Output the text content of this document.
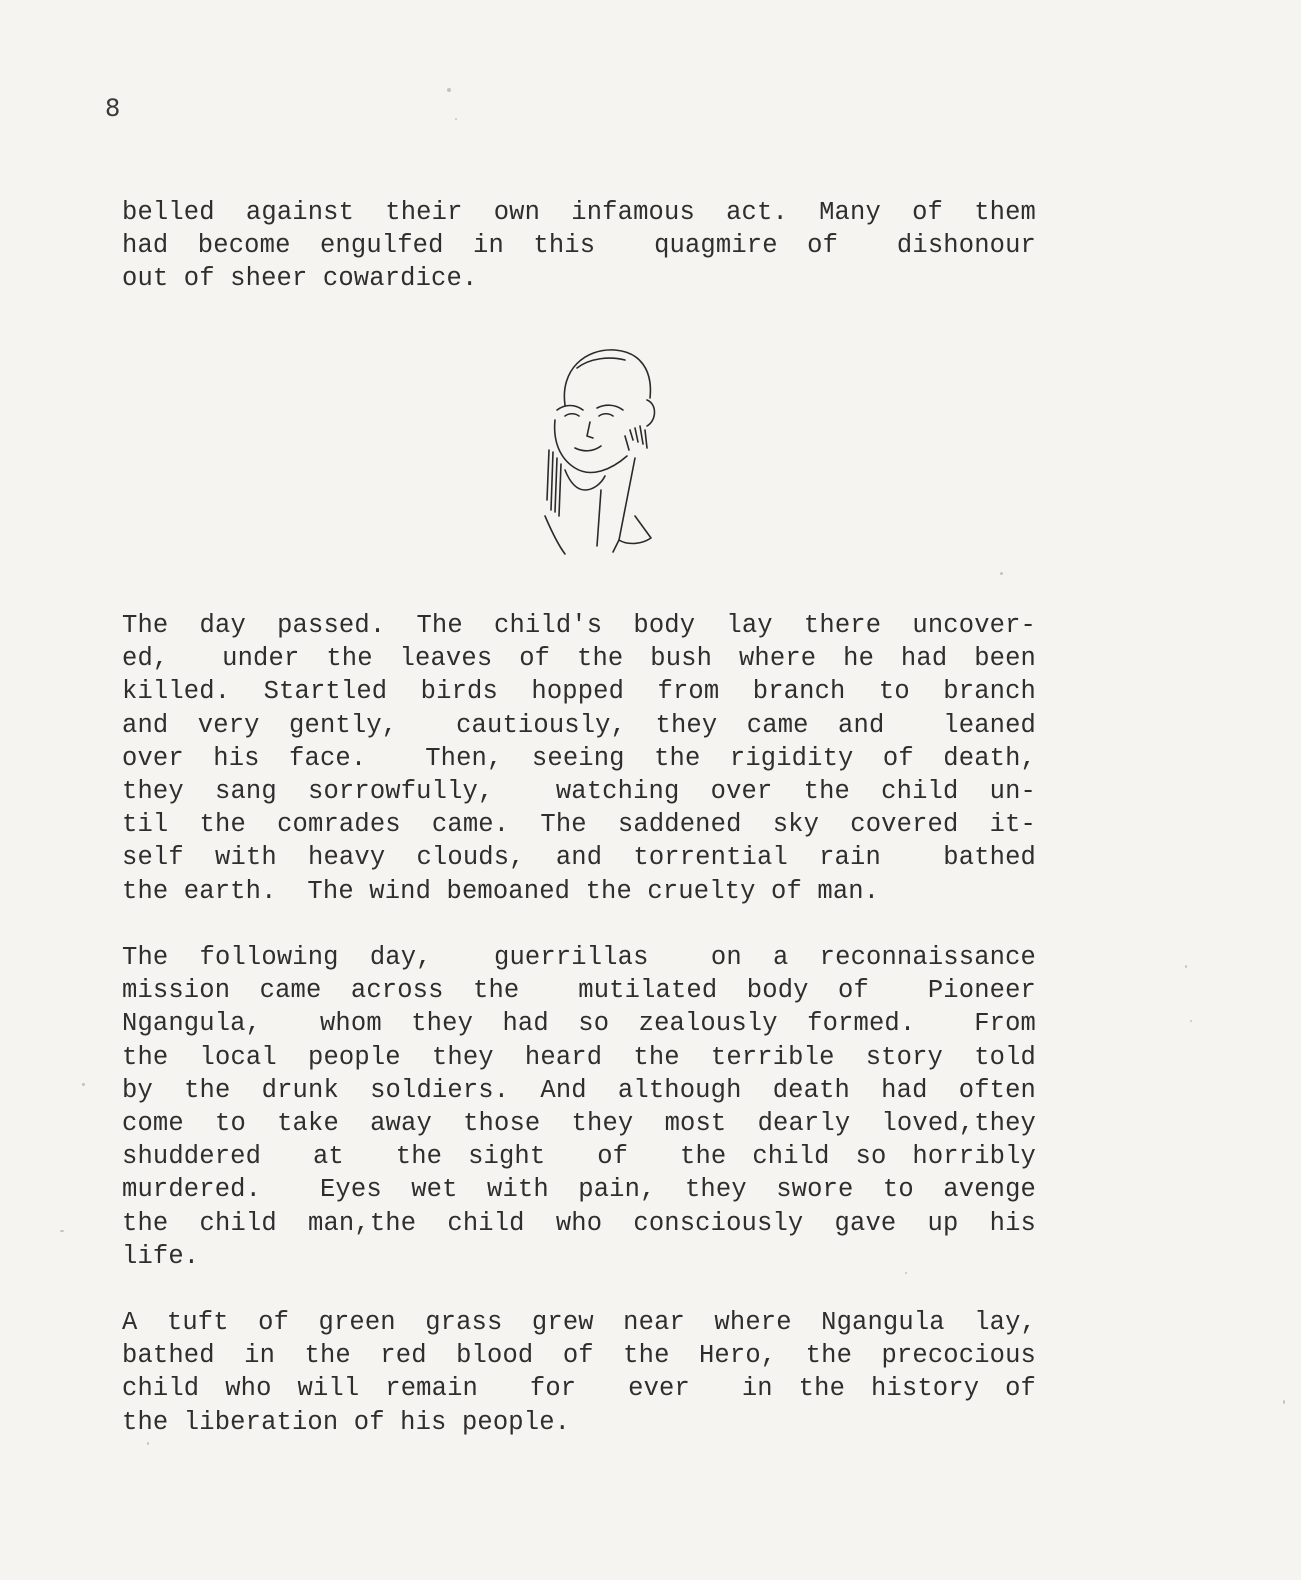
8

belled against their own infamous act. Many of them
had become engulfed in this  quagmire of  dishonour
out of sheer cowardice.

The day passed. The child's body lay there uncover-
ed,  under the leaves of the bush where he had been
killed. Startled birds hopped from branch to branch
and very gently,  cautiously, they came and  leaned
over his face.  Then, seeing the rigidity of death,
they sang sorrowfully,  watching over the child un-
til the comrades came. The saddened sky covered it-
self with heavy clouds, and torrential rain  bathed
the earth.  The wind bemoaned the cruelty of man.

The following day,  guerrillas  on a reconnaissance
mission came across the  mutilated body of  Pioneer
Ngangula,  whom they had so zealously formed.  From
the local people they heard the terrible story told
by the drunk soldiers. And although death had often
come to take away those they most dearly loved,they
shuddered  at  the sight  of  the child so horribly
murdered.  Eyes wet with pain, they swore to avenge
the child man,the child who consciously gave up his
life.

A tuft of green grass grew near where Ngangula lay,
bathed in the red blood of the Hero, the precocious
child who will remain  for  ever  in the history of
the liberation of his people.
